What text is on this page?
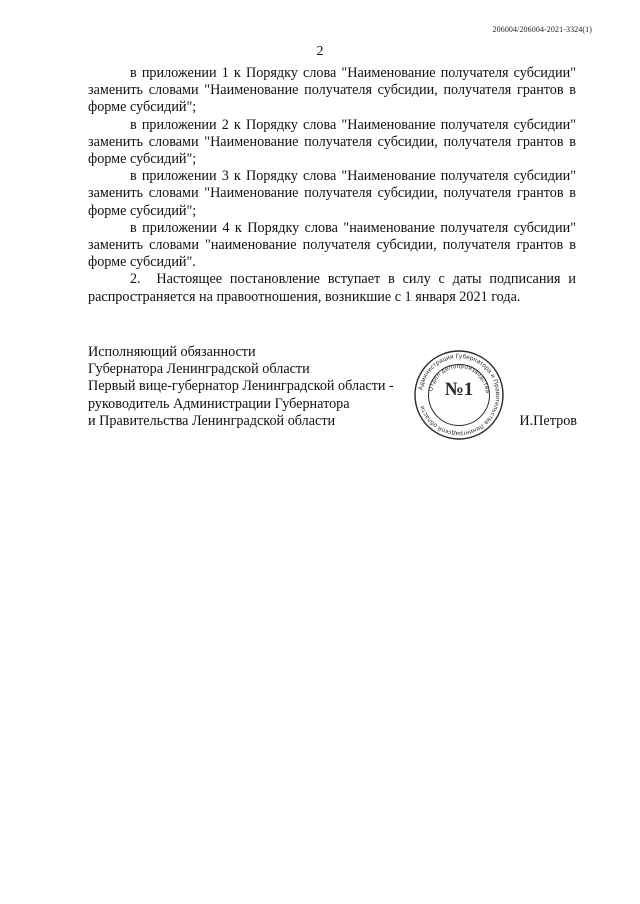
206004/206004-2021-3324(1)
2

в приложении 1 к Порядку слова "Наименование получателя субсидии" заменить словами "Наименование получателя субсидии, получателя грантов в форме субсидий";

в приложении 2 к Порядку слова "Наименование получателя субсидии" заменить словами "Наименование получателя субсидии, получателя грантов в форме субсидий";

в приложении 3 к Порядку слова "Наименование получателя субсидии" заменить словами "Наименование получателя субсидии, получателя грантов в форме субсидий";

в приложении 4 к Порядку слова "наименование получателя субсидии" заменить словами "наименование получателя субсидии, получателя грантов в форме субсидий".

2.  Настоящее постановление вступает в силу с даты подписания и распространяется на правоотношения, возникшие с 1 января 2021 года.

Исполняющий обязанности
Губернатора Ленинградской области
Первый вице-губернатор Ленинградской области -
руководитель Администрации Губернатора
и Правительства Ленинградской области
Администрация Губернатора и Правительства Ленинградской области
Отдел делопроизводства
№1
И.Петров
